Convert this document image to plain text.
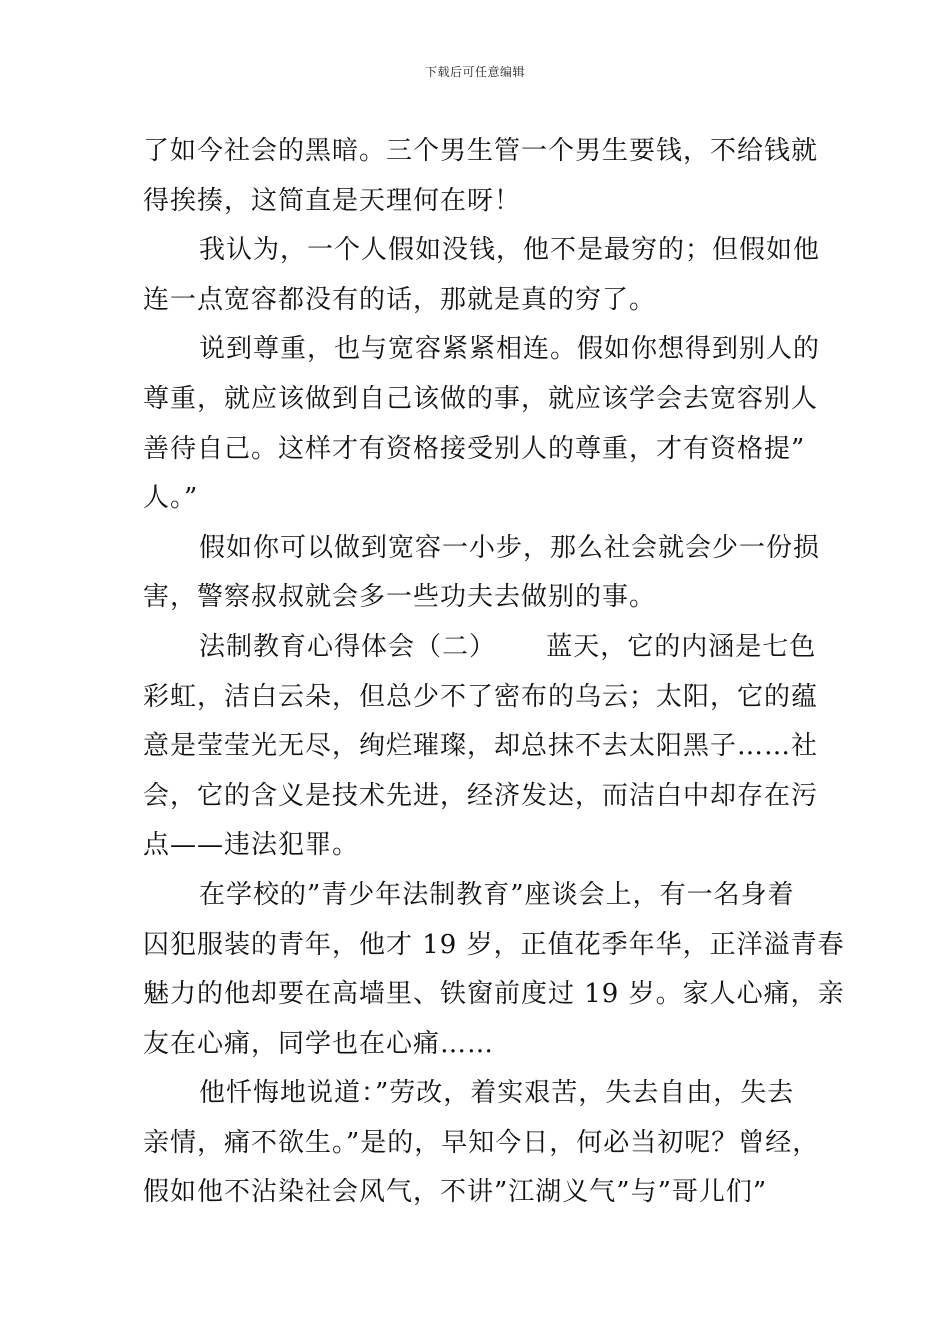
下载后可任意编辑
了如今社会的黑暗。三个男生管一个男生要钱，不给钱就
得挨揍，这简直是天理何在呀！
我认为，一个人假如没钱，他不是最穷的；但假如他
连一点宽容都没有的话，那就是真的穷了。
说到尊重，也与宽容紧紧相连。假如你想得到别人的
尊重，就应该做到自己该做的事，就应该学会去宽容别人
善待自己。这样才有资格接受别人的尊重，才有资格提”
人。”
假如你可以做到宽容一小步，那么社会就会少一份损
害，警察叔叔就会多一些功夫去做别的事。
法制教育心得体会（二）　　 蓝天，它的内涵是七色
彩虹，洁白云朵，但总少不了密布的乌云；太阳，它的蕴
意是莹莹光无尽，绚烂璀璨，却总抹不去太阳黑子……社
会，它的含义是技术先进，经济发达，而洁白中却存在污
点——违法犯罪。
在学校的”青少年法制教育”座谈会上，有一名身着
囚犯服装的青年，他才 19 岁，正值花季年华，正洋溢青春
魅力的他却要在高墙里、铁窗前度过 19 岁。家人心痛，亲
友在心痛，同学也在心痛……
他忏悔地说道：”劳改，着实艰苦，失去自由，失去
亲情，痛不欲生。”是的，早知今日，何必当初呢？曾经，
假如他不沾染社会风气，不讲”江湖义气”与”哥儿们”
